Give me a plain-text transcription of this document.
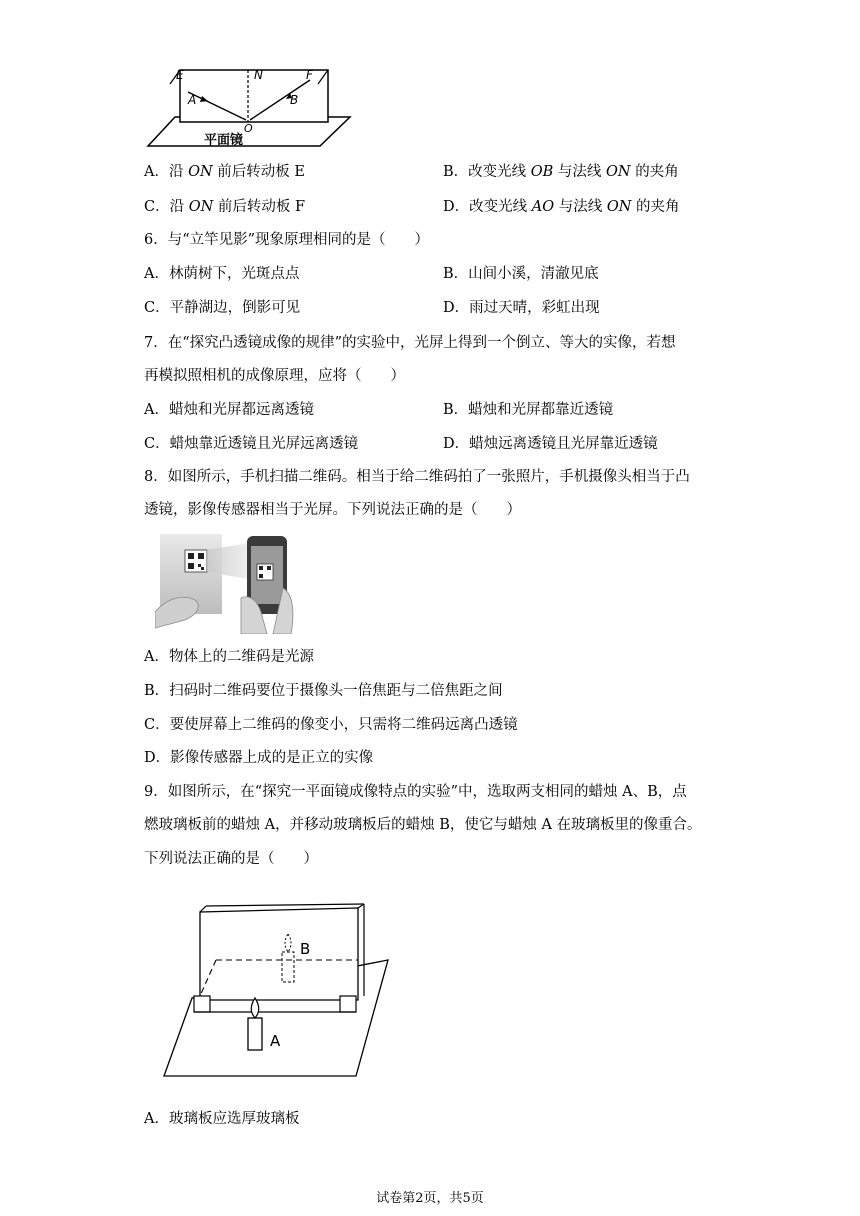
E	N	F
A	B
O
平面镜
A．沿 ON 前后转动板 E	B．改变光线 OB 与法线 ON 的夹角
C．沿 ON 前后转动板 F	D．改变光线 AO 与法线 ON 的夹角
6．与“立竿见影”现象原理相同的是（　　）
A．林荫树下，光斑点点	B．山间小溪，清澈见底
C．平静湖边，倒影可见	D．雨过天晴，彩虹出现
7．在“探究凸透镜成像的规律”的实验中，光屏上得到一个倒立、等大的实像，若想
再模拟照相机的成像原理，应将（　　）
A．蜡烛和光屏都远离透镜	B．蜡烛和光屏都靠近透镜
C．蜡烛靠近透镜且光屏远离透镜	D．蜡烛远离透镜且光屏靠近透镜
8．如图所示，手机扫描二维码。相当于给二维码拍了一张照片，手机摄像头相当于凸
透镜，影像传感器相当于光屏。下列说法正确的是（　　）
A．物体上的二维码是光源
B．扫码时二维码要位于摄像头一倍焦距与二倍焦距之间
C．要使屏幕上二维码的像变小，只需将二维码远离凸透镜
D．影像传感器上成的是正立的实像
9．如图所示，在“探究一平面镜成像特点的实验”中，选取两支相同的蜡烛 A、B，点
燃玻璃板前的蜡烛 A，并移动玻璃板后的蜡烛 B，使它与蜡烛 A 在玻璃板里的像重合。
下列说法正确的是（　　）
B
A
A．玻璃板应选厚玻璃板
试卷第2页，共5页
